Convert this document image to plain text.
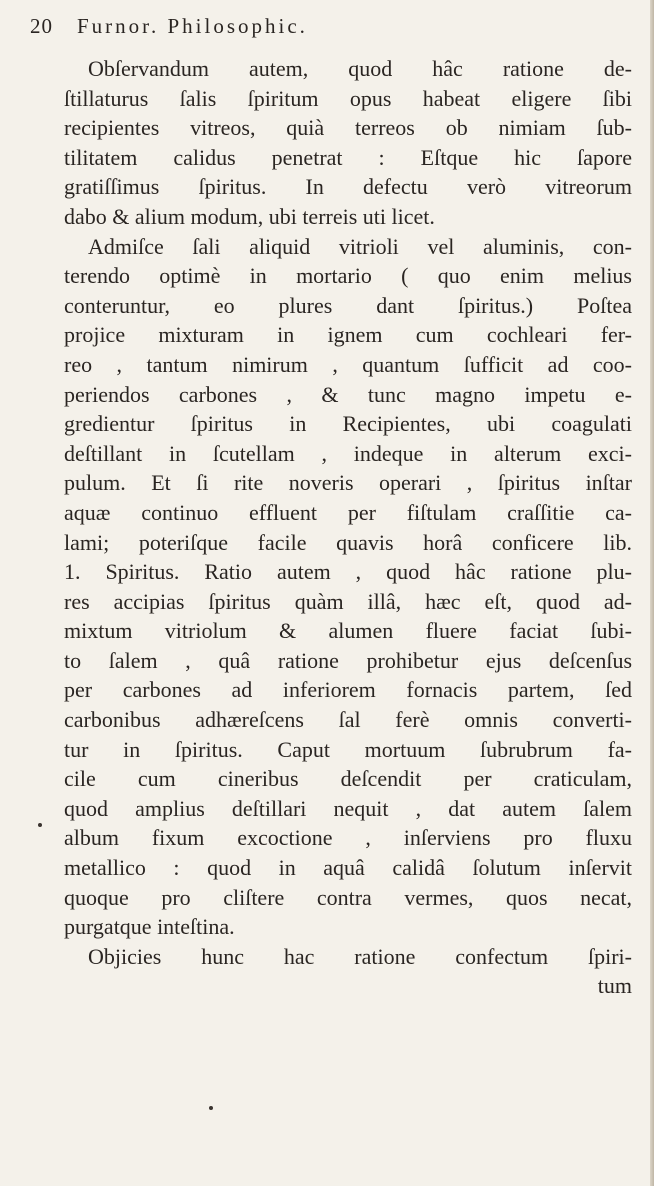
20 Furnor. Philosophic.
Obſervandum autem, quod hâc ratione de-
ſtillaturus ſalis ſpiritum opus habeat eligere ſibi
recipientes vitreos, quià terreos ob nimiam ſub-
tilitatem calidus penetrat : Eſtque hic ſapore
gratiſſimus ſpiritus. In defectu verò vitreorum
dabo & alium modum, ubi terreis uti licet.
Admiſce ſali aliquid vitrioli vel aluminis, con-
terendo optimè in mortario ( quo enim melius
conteruntur, eo plures dant ſpiritus.) Poſtea
projice mixturam in ignem cum cochleari fer-
reo , tantum nimirum , quantum ſufficit ad coo-
periendos carbones , & tunc magno impetu e-
gredientur ſpiritus in Recipientes, ubi coagulati
deſtillant in ſcutellam , indeque in alterum exci-
pulum. Et ſi rite noveris operari , ſpiritus inſtar
aquæ continuo effluent per fiſtulam craſſitie ca-
lami; poteriſque facile quavis horâ conficere lib.
1. Spiritus. Ratio autem , quod hâc ratione plu-
res accipias ſpiritus quàm illâ, hæc eſt, quod ad-
mixtum vitriolum & alumen fluere faciat ſubi-
to ſalem , quâ ratione prohibetur ejus deſcenſus
per carbones ad inferiorem fornacis partem, ſed
carbonibus adhæreſcens ſal ferè omnis converti-
tur in ſpiritus. Caput mortuum ſubrubrum fa-
cile cum cineribus deſcendit per craticulam,
quod amplius deſtillari nequit , dat autem ſalem
album fixum excoctione , inſerviens pro fluxu
metallico : quod in aquâ calidâ ſolutum inſervit
quoque pro cliſtere contra vermes, quos necat,
purgatque inteſtina.
Objicies hunc hac ratione confectum ſpiri-
tum
